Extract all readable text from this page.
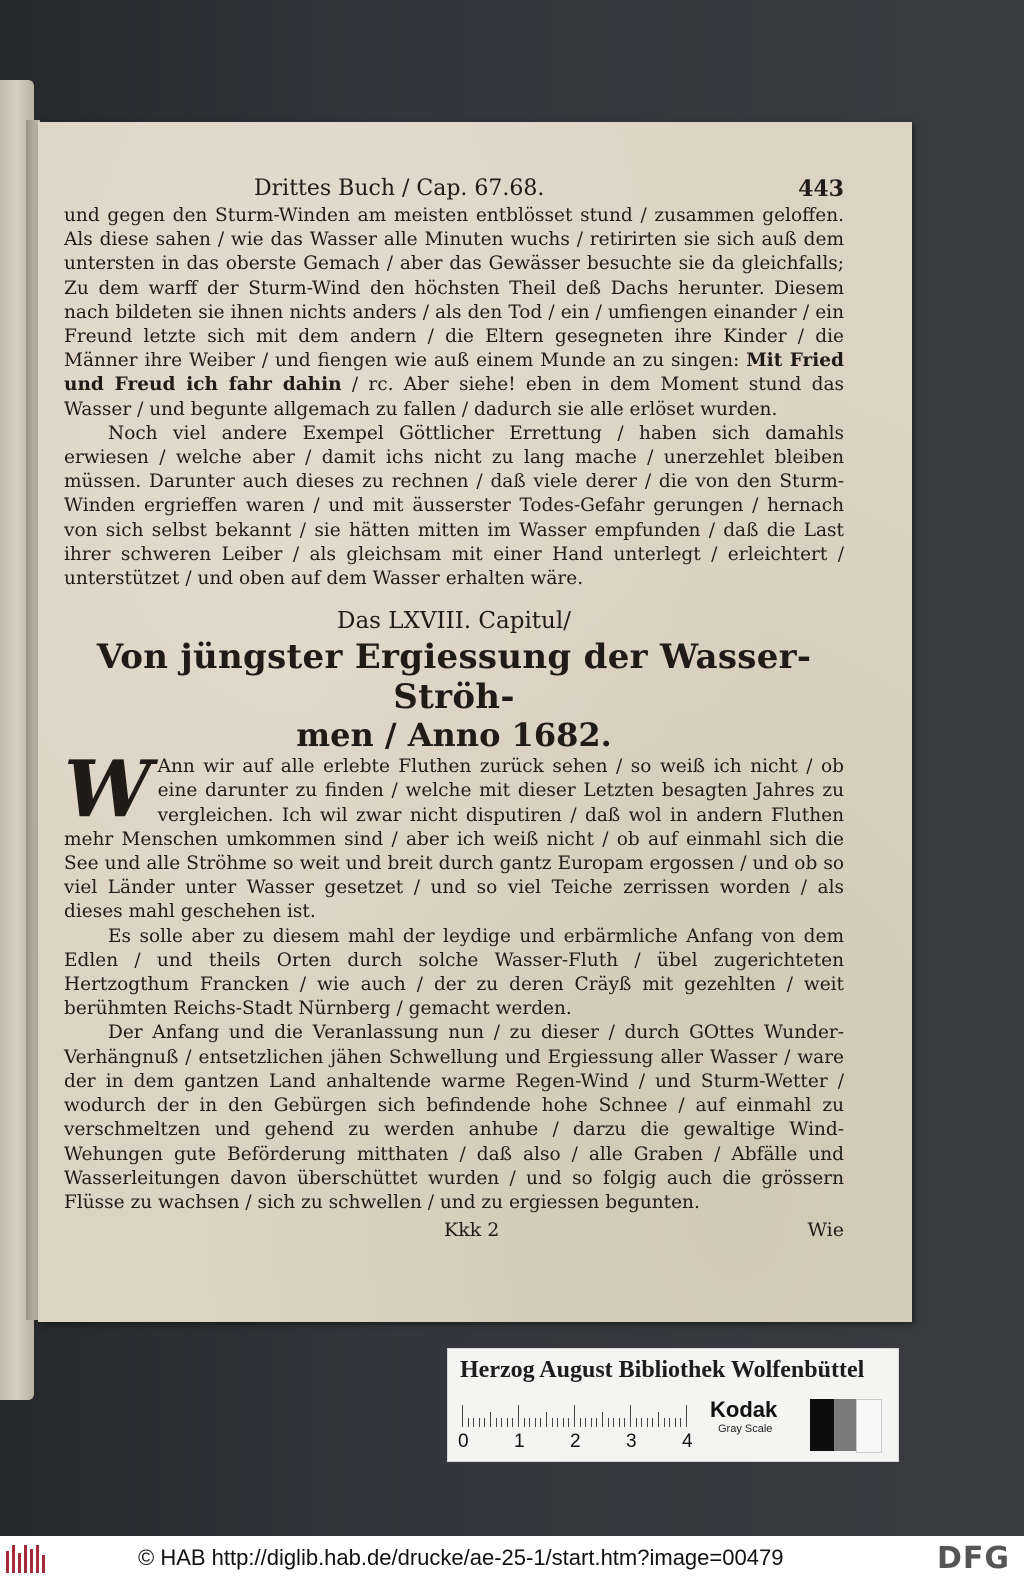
Drittes Buch / Cap. 67.68.	443

und gegen den Sturm-Winden am meisten entblösset stund / zusammen geloffen. Als diese sahen / wie das Wasser alle Minuten wuchs / retirirten sie sich auß dem untersten in das oberste Gemach / aber das Gewässer besuchte sie da gleichfalls; Zu dem warff der Sturm-Wind den höchsten Theil deß Dachs herunter. Diesem nach bildeten sie ihnen nichts anders / als den Tod / ein / umfiengen einander / ein Freund letzte sich mit dem andern / die Eltern gesegneten ihre Kinder / die Männer ihre Weiber / und fiengen wie auß einem Munde an zu singen: Mit Fried und Freud ich fahr dahin / rc. Aber siehe! eben in dem Moment stund das Wasser / und begunte allgemach zu fallen / dadurch sie alle erlöset wurden.

Noch viel andere Exempel Göttlicher Errettung / haben sich damahls erwiesen / welche aber / damit ichs nicht zu lang mache / unerzehlet bleiben müssen. Darunter auch dieses zu rechnen / daß viele derer / die von den Sturm-Winden ergrieffen waren / und mit äusserster Todes-Gefahr gerungen / hernach von sich selbst bekannt / sie hätten mitten im Wasser empfunden / daß die Last ihrer schweren Leiber / als gleichsam mit einer Hand unterlegt / erleichtert / unterstützet / und oben auf dem Wasser erhalten wäre.

Das LXVIII. Capitul/
Von jüngster Ergiessung der Wasser-Ströh-
men / Anno 1682.

W Ann wir auf alle erlebte Fluthen zurück sehen / so weiß ich nicht / ob eine darunter zu finden / welche mit dieser Letzten besagten Jahres zu vergleichen. Ich wil zwar nicht disputiren / daß wol in andern Fluthen mehr Menschen umkommen sind / aber ich weiß nicht / ob auf einmahl sich die See und alle Ströhme so weit und breit durch gantz Europam ergossen / und ob so viel Länder unter Wasser gesetzet / und so viel Teiche zerrissen worden / als dieses mahl geschehen ist.

Es solle aber zu diesem mahl der leydige und erbärmliche Anfang von dem Edlen / und theils Orten durch solche Wasser-Fluth / übel zugerichteten Hertzogthum Francken / wie auch / der zu deren Cräyß mit gezehlten / weit berühmten Reichs-Stadt Nürnberg / gemacht werden.

Der Anfang und die Veranlassung nun / zu dieser / durch GOttes Wunder-Verhängnuß / entsetzlichen jähen Schwellung und Ergiessung aller Wasser / ware der in dem gantzen Land anhaltende warme Regen-Wind / und Sturm-Wetter / wodurch der in den Gebürgen sich befindende hohe Schnee / auf einmahl zu verschmeltzen und gehend zu werden anhube / darzu die gewaltige Wind-Wehungen gute Beförderung mitthaten / daß also / alle Graben / Abfälle und Wasserleitungen davon überschüttet wurden / und so folgig auch die grössern Flüsse zu wachsen / sich zu schwellen / und zu ergiessen begunten.

Kkk 2	Wie
Herzog August Bibliothek Wolfenbüttel
0 1 2 3 4
Kodak
Gray Scale
© HAB http://diglib.hab.de/drucke/ae-25-1/start.htm?image=00479	DFG
